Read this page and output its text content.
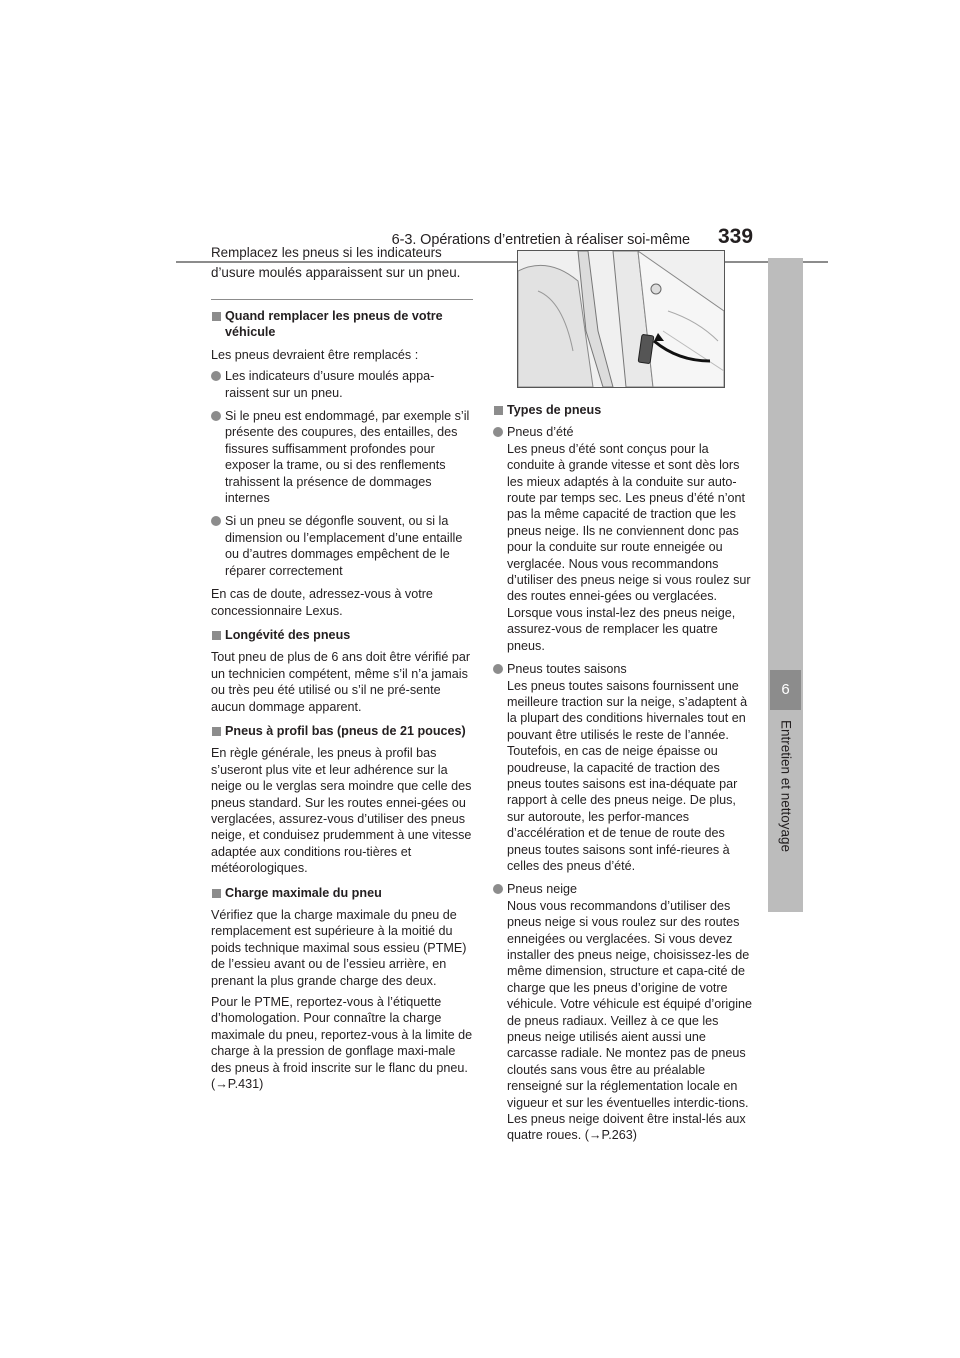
6-3. Opérations d’entretien à réaliser soi-même 339
6
Entretien et nettoyage

Remplacez les pneus si les indicateurs d’usure moulés apparaissent sur un pneu.

Quand remplacer les pneus de votre véhicule

Les pneus devraient être remplacés :

Les indicateurs d’usure moulés appa-raissent sur un pneu.
Si le pneu est endommagé, par exemple s’il présente des coupures, des entailles, des fissures suffisamment profondes pour exposer la trame, ou si des renflements trahissent la présence de dommages internes
Si un pneu se dégonfle souvent, ou si la dimension ou l’emplacement d’une entaille ou d’autres dommages empêchent de le réparer correctement

En cas de doute, adressez-vous à votre concessionnaire Lexus.

Longévité des pneus

Tout pneu de plus de 6 ans doit être vérifié par un technicien compétent, même s’il n’a jamais ou très peu été utilisé ou s’il ne pré-sente aucun dommage apparent.

Pneus à profil bas (pneus de 21 pouces)

En règle générale, les pneus à profil bas s’useront plus vite et leur adhérence sur la neige ou le verglas sera moindre que celle des pneus standard. Sur les routes ennei-gées ou verglacées, assurez-vous d’utiliser des pneus neige, et conduisez prudemment à une vitesse adaptée aux conditions rou-tières et météorologiques.

Charge maximale du pneu

Vérifiez que la charge maximale du pneu de remplacement est supérieure à la moitié du poids technique maximal sous essieu (PTME) de l’essieu avant ou de l’essieu arrière, en prenant la plus grande charge des deux.

Pour le PTME, reportez-vous à l’étiquette d’homologation. Pour connaître la charge maximale du pneu, reportez-vous à la limite de charge à la pression de gonflage maxi-male des pneus à froid inscrite sur le flanc du pneu. (→P.431)

Types de pneus
Pneus d’été
Les pneus d’été sont conçus pour la conduite à grande vitesse et sont dès lors les mieux adaptés à la conduite sur auto-route par temps sec. Les pneus d’été n’ont pas la même capacité de traction que les pneus neige. Ils ne conviennent donc pas pour la conduite sur route enneigée ou verglacée. Nous vous recommandons d’utiliser des pneus neige si vous roulez sur des routes ennei-gées ou verglacées. Lorsque vous instal-lez des pneus neige, assurez-vous de remplacer les quatre pneus.
Pneus toutes saisons
Les pneus toutes saisons fournissent une meilleure traction sur la neige, s’adaptent à la plupart des conditions hivernales tout en pouvant être utilisés le reste de l’année. Toutefois, en cas de neige épaisse ou poudreuse, la capacité de traction des pneus toutes saisons est ina-déquate par rapport à celle des pneus neige. De plus, sur autoroute, les perfor-mances d’accélération et de tenue de route des pneus toutes saisons sont infé-rieures à celles des pneus d’été.
Pneus neige
Nous vous recommandons d’utiliser des pneus neige si vous roulez sur des routes enneigées ou verglacées. Si vous devez installer des pneus neige, choisissez-les de même dimension, structure et capa-cité de charge que les pneus d’origine de votre véhicule. Votre véhicule est équipé d’origine de pneus radiaux. Veillez à ce que les pneus neige utilisés aient aussi une carcasse radiale. Ne montez pas de pneus cloutés sans vous être au préalable renseigné sur la réglementation locale en vigueur et sur les éventuelles interdic-tions. Les pneus neige doivent être instal-lés aux quatre roues. (→P.263)
